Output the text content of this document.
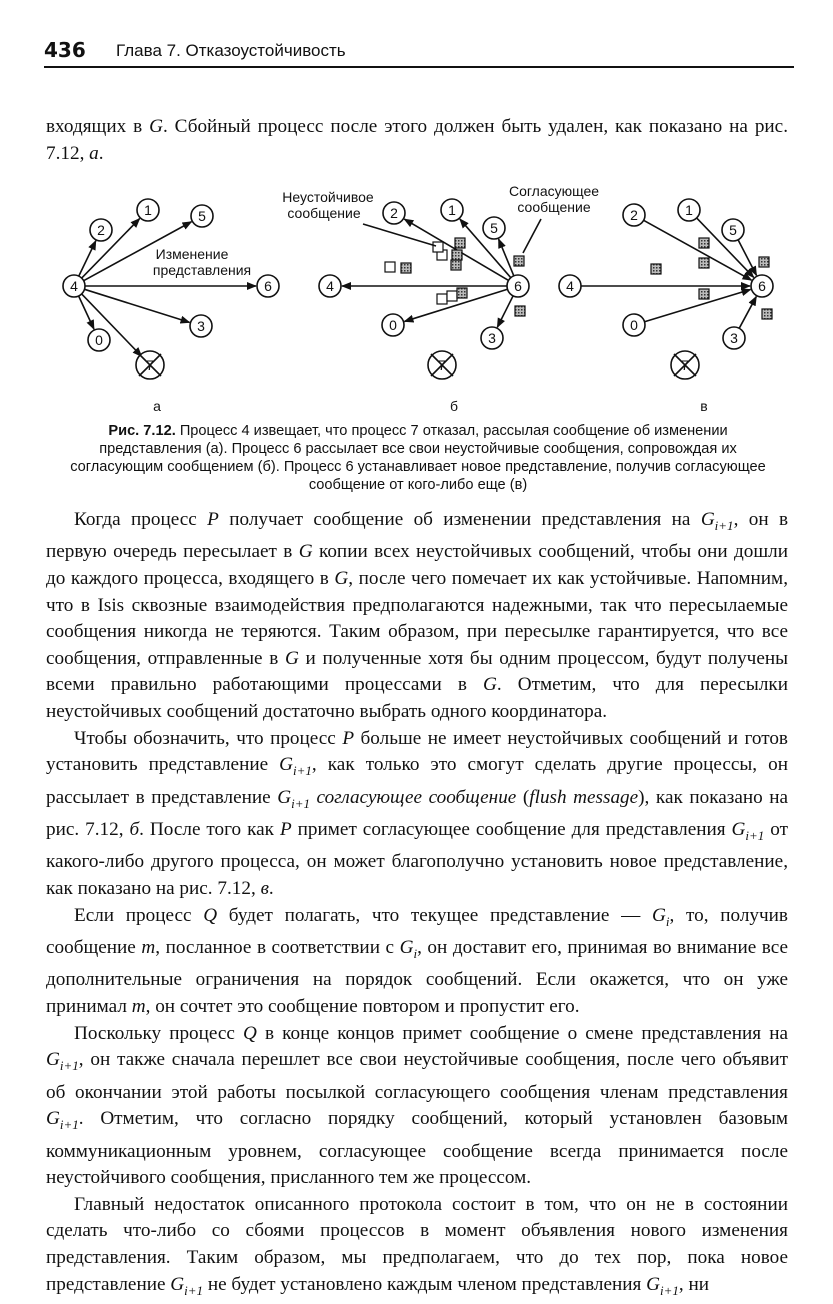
436 Глава 7. Отказоустойчивость
входящих в G. Сбойный процесс после этого должен быть удален, как показано на рис. 7.12, а.
4
2
1	5
6
0
3
7
Изменение
представления
а
6
4
2	1
5
0
3
7
Неустойчивое
сообщение
Согласующее
сообщение
б
6
4
2	1
5
0
3
7
в
Рис. 7.12. Процесс 4 извещает, что процесс 7 отказал, рассылая сообщение об изменении представления (а). Процесс 6 рассылает все свои неустойчивые сообщения, сопровождая их согласующим сообщением (б). Процесс 6 устанавливает новое представление, получив согласующее сообщение от кого-либо еще (в)

Когда процесс P получает сообщение об изменении представления на $G_{i+1}$, он в первую очередь пересылает в G копии всех неустойчивых сообщений, чтобы они дошли до каждого процесса, входящего в G, после чего помечает их как устойчивые. Напомним, что в Isis сквозные взаимодействия предполагаются надежными, так что пересылаемые сообщения никогда не теряются. Таким образом, при пересылке гарантируется, что все сообщения, отправленные в G и полученные хотя бы одним процессом, будут получены всеми правильно работающими процессами в G. Отметим, что для пересылки неустойчивых сообщений достаточно выбрать одного координатора.

Чтобы обозначить, что процесс P больше не имеет неустойчивых сообщений и готов установить представление $G_{i+1}$, как только это смогут сделать другие процессы, он рассылает в представление $G_{i+1}$ согласующее сообщение (flush message), как показано на рис. 7.12, б. После того как P примет согласующее сообщение для представления $G_{i+1}$ от какого-либо другого процесса, он может благополучно установить новое представление, как показано на рис. 7.12, в.

Если процесс Q будет полагать, что текущее представление — $G_i$, то, получив сообщение m, посланное в соответствии с $G_i$, он доставит его, принимая во внимание все дополнительные ограничения на порядок сообщений. Если окажется, что он уже принимал m, он сочтет это сообщение повтором и пропустит его.

Поскольку процесс Q в конце концов примет сообщение о смене представления на $G_{i+1}$, он также сначала перешлет все свои неустойчивые сообщения, после чего объявит об окончании этой работы посылкой согласующего сообщения членам представления $G_{i+1}$. Отметим, что согласно порядку сообщений, который установлен базовым коммуникационным уровнем, согласующее сообщение всегда принимается после неустойчивого сообщения, присланного тем же процессом.

Главный недостаток описанного протокола состоит в том, что он не в состоянии сделать что-либо со сбоями процессов в момент объявления нового изменения представления. Таким образом, мы предполагаем, что до тех пор, пока новое представление $G_{i+1}$ не будет установлено каждым членом представления $G_{i+1}$, ни
